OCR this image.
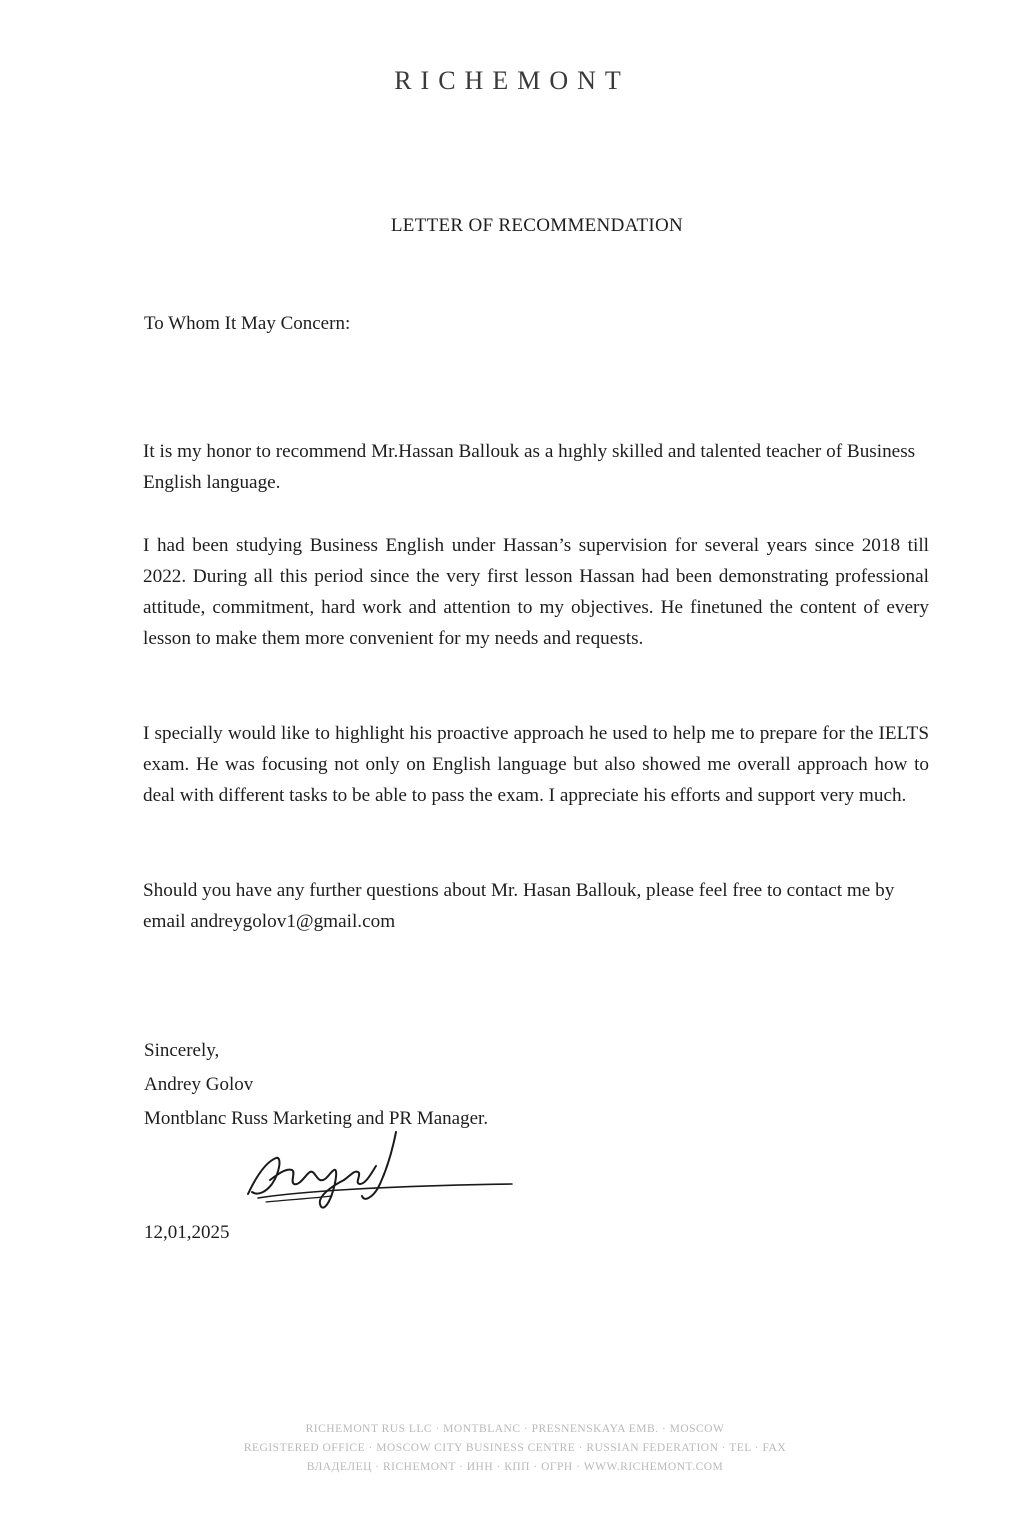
RICHEMONT
LETTER OF RECOMMENDATION
To Whom It May Concern:

It is my honor to recommend Mr.Hassan Ballouk as a hıghly skilled and talented teacher of Business English language.

I had been studying Business English under Hassan’s supervision for several years since 2018 till 2022. During all this period since the very first lesson Hassan had been demonstrating professional attitude, commitment, hard work and attention to my objectives. He finetuned the content of every lesson to make them more convenient for my needs and requests.

I specially would like to highlight his proactive approach he used to help me to prepare for the IELTS exam. He was focusing not only on English language but also showed me overall approach how to deal with different tasks to be able to pass the exam. I appreciate his efforts and support very much.

Should you have any further questions about Mr. Hasan Ballouk, please feel free to contact me by email andreygolov1@gmail.com

Sincerely,
Andrey Golov
Montblanc Russ Marketing and PR Manager.
12,01,2025
RICHEMONT RUS LLC · MONTBLANC · PRESNENSKAYA EMB. · MOSCOW
REGISTERED OFFICE · MOSCOW CITY BUSINESS CENTRE · RUSSIAN FEDERATION · TEL · FAX
ВЛАДЕЛЕЦ · RICHEMONT · ИНН · КПП · ОГРН · WWW.RICHEMONT.COM
